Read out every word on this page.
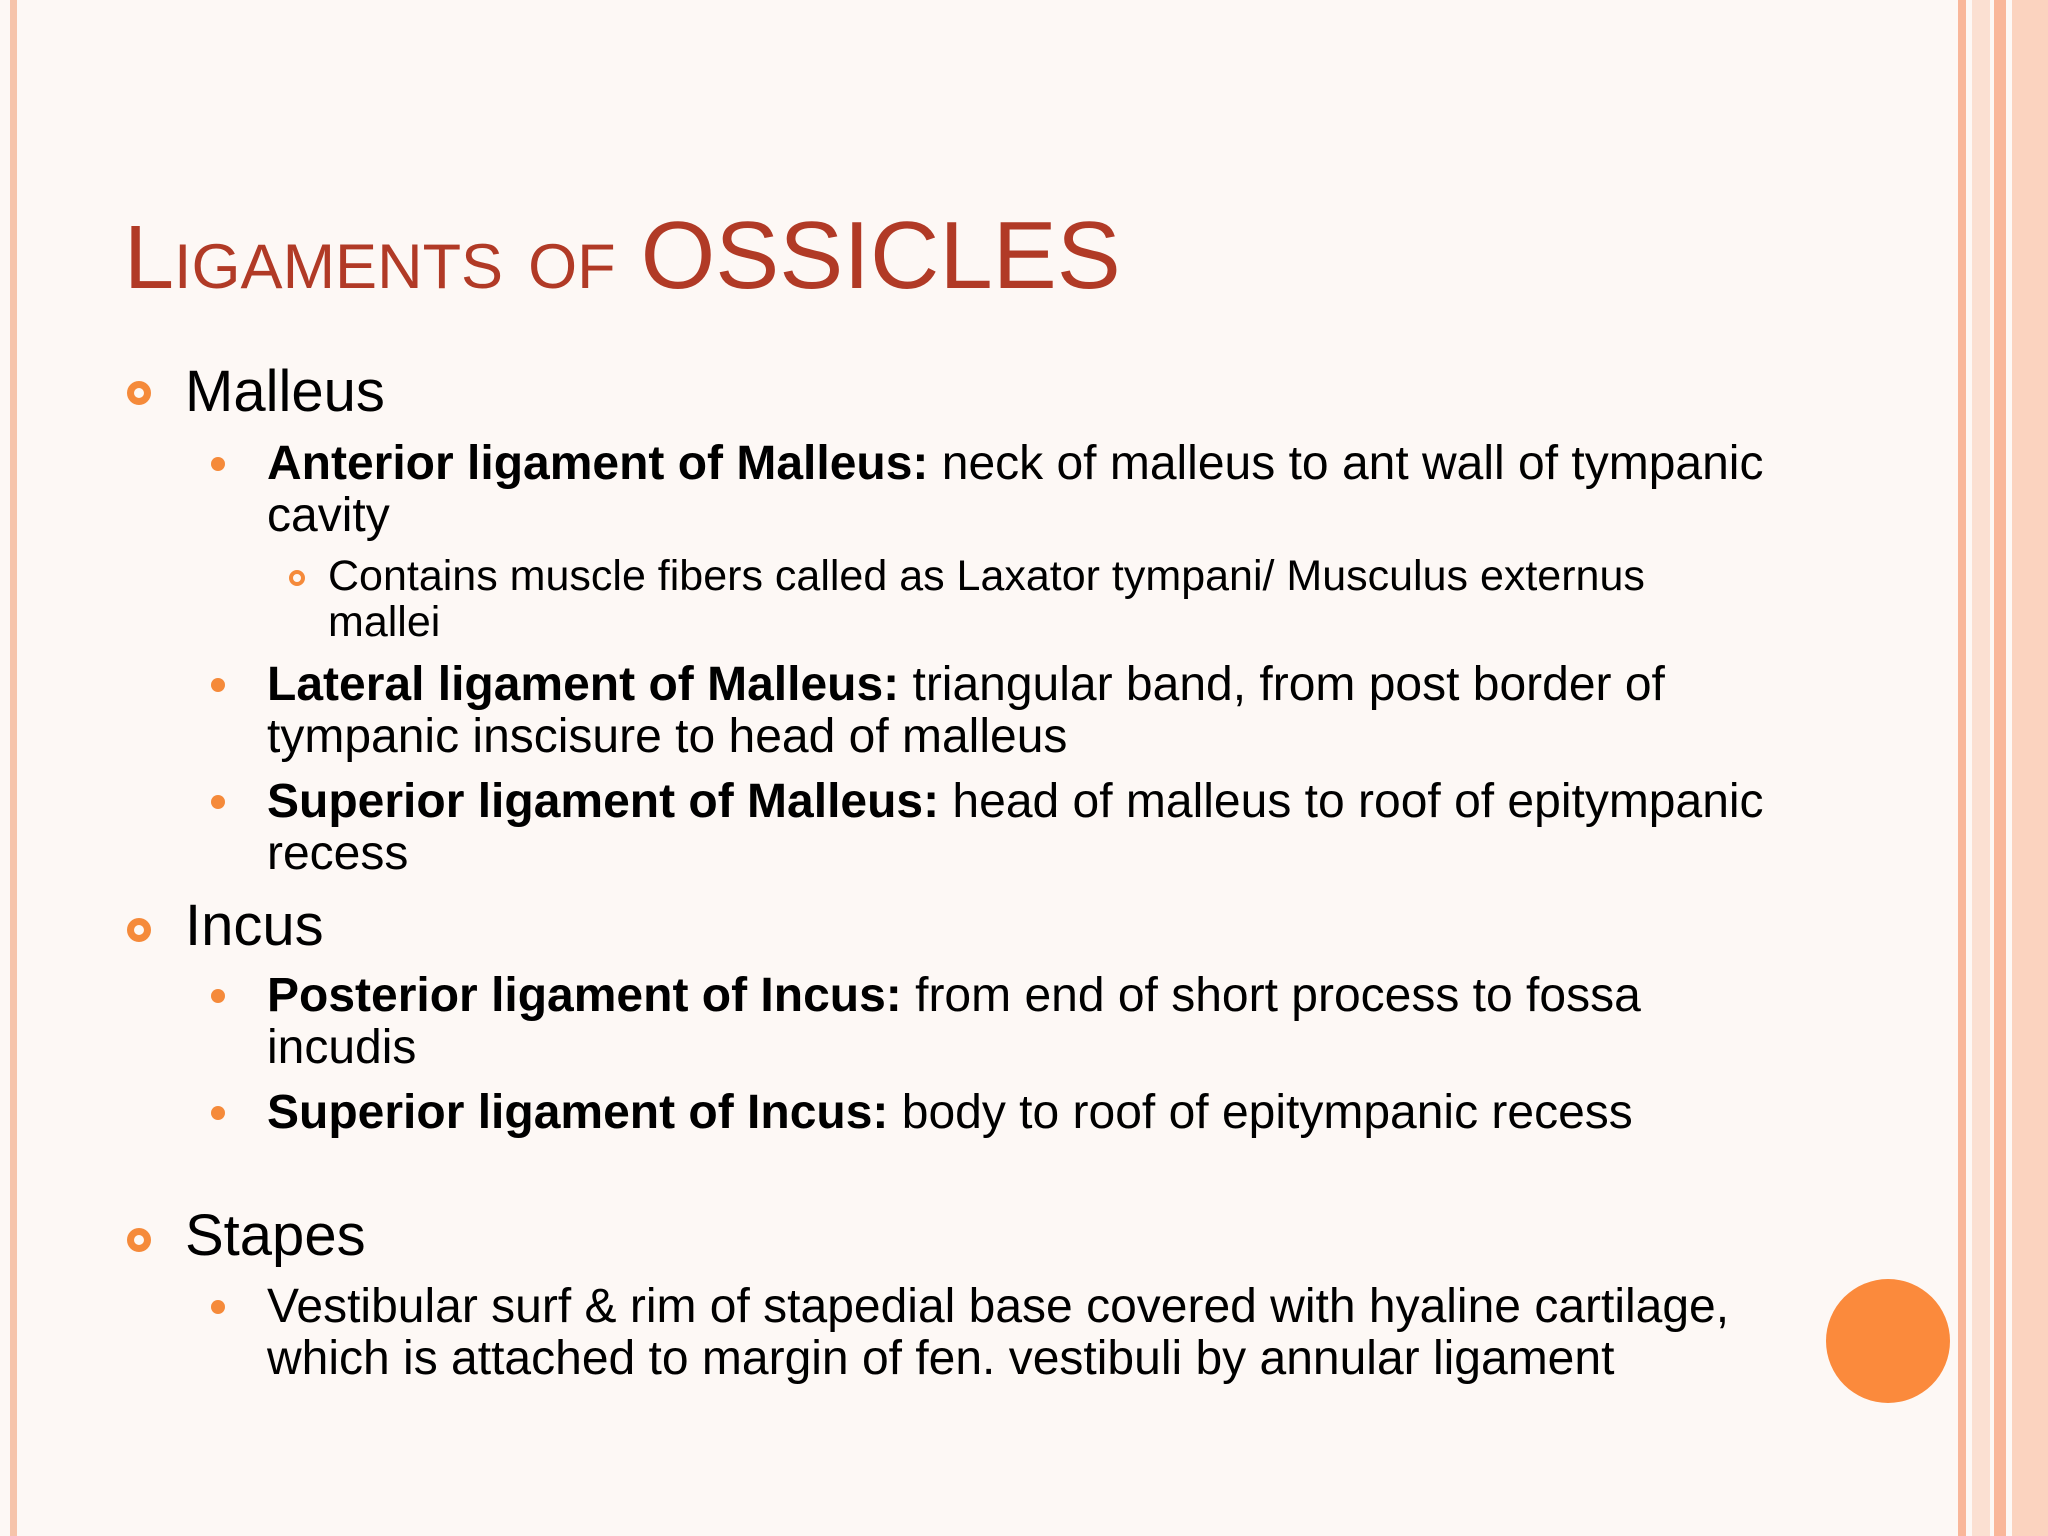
Ligaments of OSSICLES
Malleus
Anterior ligament of Malleus: neck of malleus to ant wall of tympanic cavity
Contains muscle fibers called as Laxator tympani/ Musculus externus mallei
Lateral ligament of Malleus: triangular band, from post border of tympanic inscisure to head of malleus
Superior ligament of Malleus: head of malleus to roof of epitympanic recess
Incus
Posterior ligament of Incus: from end of short process to fossa incudis
Superior ligament of Incus: body to roof of epitympanic recess
Stapes
Vestibular surf & rim of stapedial base covered with hyaline cartilage, which is attached to margin of fen. vestibuli by annular ligament
